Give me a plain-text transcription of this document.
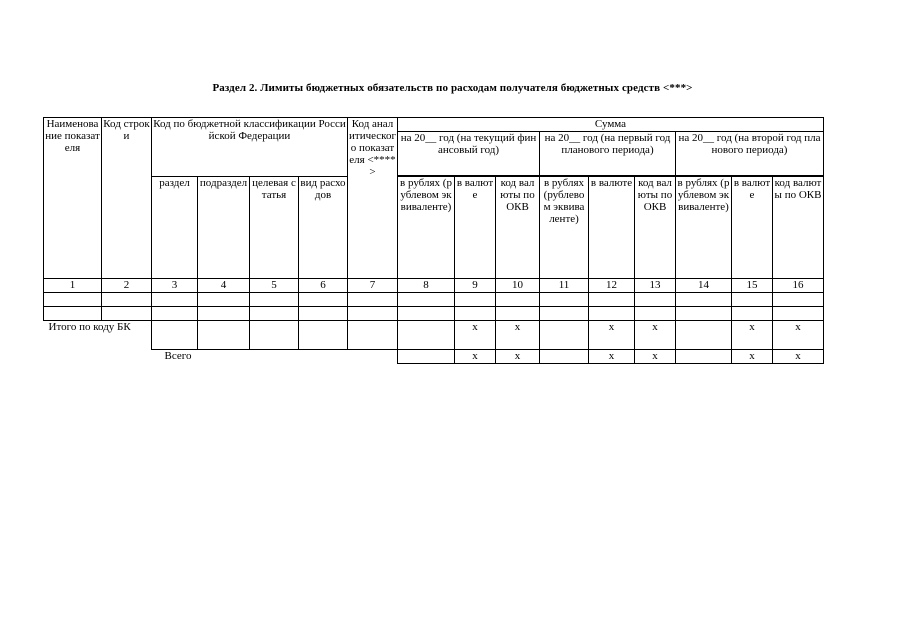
Раздел 2. Лимиты бюджетных обязательств по расходам получателя бюджетных средств <***>
Наименование показателя	Код строки	Код по бюджетной классификации Российской Федерации				Код аналитического показателя <****>	Сумма								
							на 20__ год (на текущий финансовый год)			на 20__ год (на первый год планового периода)			на 20__ год (на второй год планового периода)		

		раздел	подраздел	целевая статья	вид расходов		в рублях (рублевом эквиваленте)	в валюте	код валюты по ОКВ	в рублях (рублевом эквиваленте)	в валюте	код валюты по ОКВ	в рублях (рублевом эквиваленте)	в валюте	код валюты по ОКВ
1	2	3	4	5	6	7	8	9	10	11	12	13	14	15	16

Итого по коду БК								x	x		x	x		x	x
		Всего						x	x		x	x		x	x
